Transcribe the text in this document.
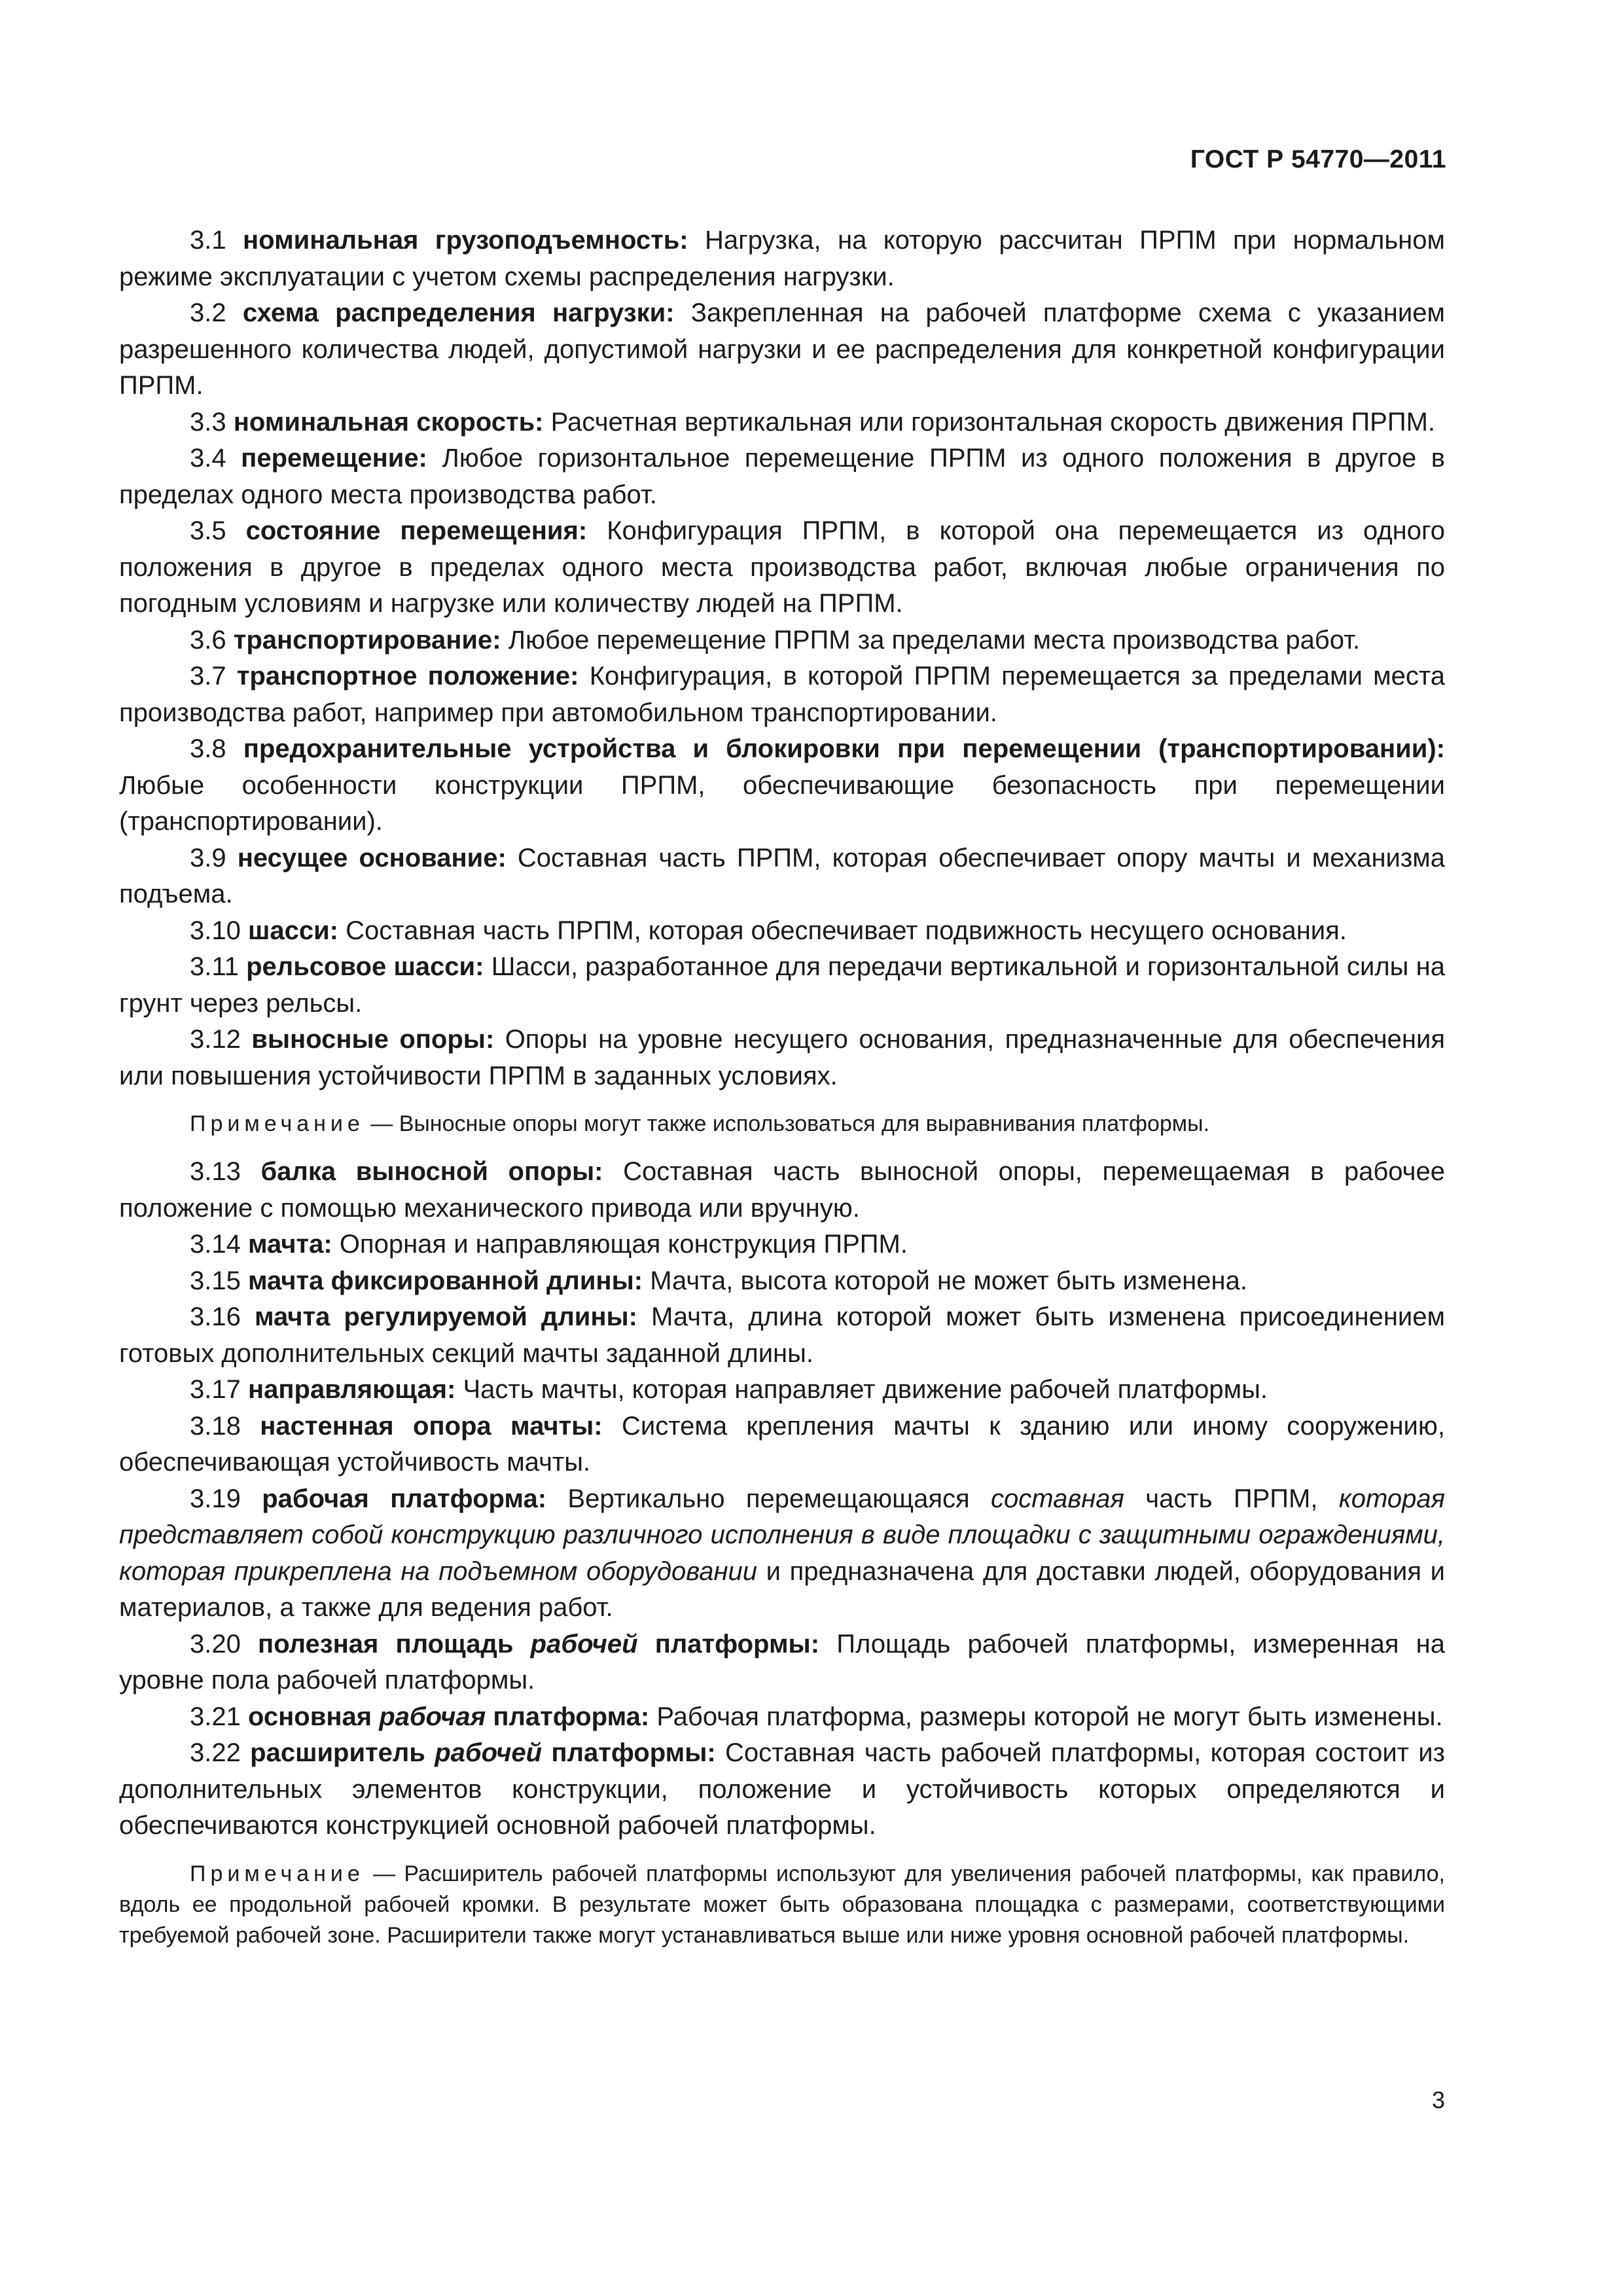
ГОСТ Р 54770—2011

3.1 номинальная грузоподъемность: Нагрузка, на которую рассчитан ПРПМ при нормальном режиме эксплуатации с учетом схемы распределения нагрузки.

3.2 схема распределения нагрузки: Закрепленная на рабочей платформе схема с указанием разрешенного количества людей, допустимой нагрузки и ее распределения для конкретной конфигурации ПРПМ.

3.3 номинальная скорость: Расчетная вертикальная или горизонтальная скорость движения ПРПМ.

3.4 перемещение: Любое горизонтальное перемещение ПРПМ из одного положения в другое в пределах одного места производства работ.

3.5 состояние перемещения: Конфигурация ПРПМ, в которой она перемещается из одного положения в другое в пределах одного места производства работ, включая любые ограничения по погодным условиям и нагрузке или количеству людей на ПРПМ.

3.6 транспортирование: Любое перемещение ПРПМ за пределами места производства работ.

3.7 транспортное положение: Конфигурация, в которой ПРПМ перемещается за пределами места производства работ, например при автомобильном транспортировании.

3.8 предохранительные устройства и блокировки при перемещении (транспортировании): Любые особенности конструкции ПРПМ, обеспечивающие безопасность при перемещении (транспортировании).

3.9 несущее основание: Составная часть ПРПМ, которая обеспечивает опору мачты и механизма подъема.

3.10 шасси: Составная часть ПРПМ, которая обеспечивает подвижность несущего основания.

3.11 рельсовое шасси: Шасси, разработанное для передачи вертикальной и горизонтальной силы на грунт через рельсы.

3.12 выносные опоры: Опоры на уровне несущего основания, предназначенные для обеспечения или повышения устойчивости ПРПМ в заданных условиях.

Примечание — Выносные опоры могут также использоваться для выравнивания платформы.

3.13 балка выносной опоры: Составная часть выносной опоры, перемещаемая в рабочее положение с помощью механического привода или вручную.

3.14 мачта: Опорная и направляющая конструкция ПРПМ.

3.15 мачта фиксированной длины: Мачта, высота которой не может быть изменена.

3.16 мачта регулируемой длины: Мачта, длина которой может быть изменена присоединением готовых дополнительных секций мачты заданной длины.

3.17 направляющая: Часть мачты, которая направляет движение рабочей платформы.

3.18 настенная опора мачты: Система крепления мачты к зданию или иному сооружению, обеспечивающая устойчивость мачты.

3.19 рабочая платформа: Вертикально перемещающаяся составная часть ПРПМ, которая представляет собой конструкцию различного исполнения в виде площадки с защитными ограждениями, которая прикреплена на подъемном оборудовании и предназначена для доставки людей, оборудования и материалов, а также для ведения работ.

3.20 полезная площадь рабочей платформы: Площадь рабочей платформы, измеренная на уровне пола рабочей платформы.

3.21 основная рабочая платформа: Рабочая платформа, размеры которой не могут быть изменены.

3.22 расширитель рабочей платформы: Составная часть рабочей платформы, которая состоит из дополнительных элементов конструкции, положение и устойчивость которых определяются и обеспечиваются конструкцией основной рабочей платформы.

Примечание — Расширитель рабочей платформы используют для увеличения рабочей платформы, как правило, вдоль ее продольной рабочей кромки. В результате может быть образована площадка с размерами, соответствующими требуемой рабочей зоне. Расширители также могут устанавливаться выше или ниже уровня основной рабочей платформы.

3
